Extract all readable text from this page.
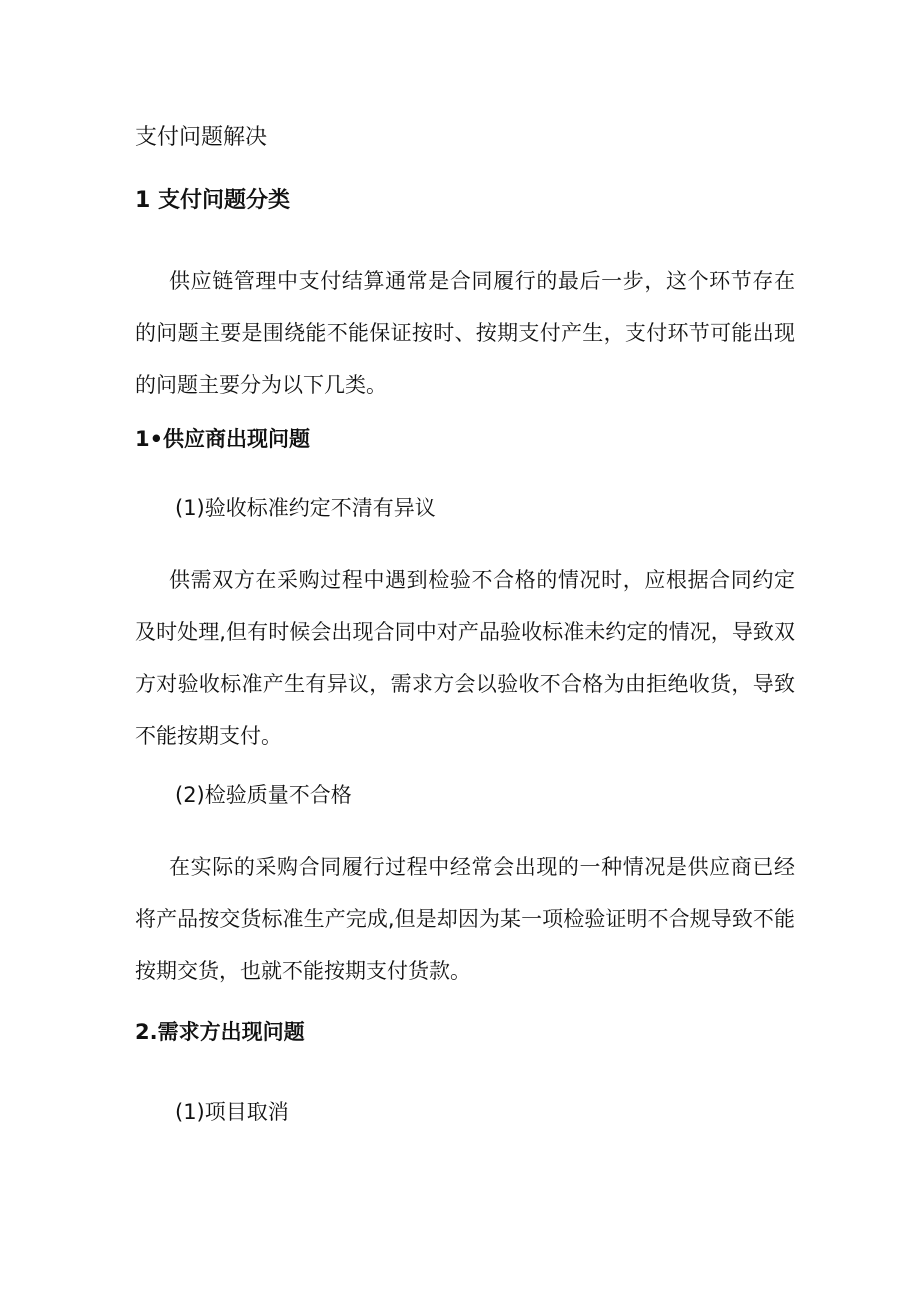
支付问题解决

1 支付问题分类

供应链管理中支付结算通常是合同履行的最后一步，这个环节存在的问题主要是围绕能不能保证按时、按期支付产生，支付环节可能出现的问题主要分为以下几类。

1•供应商出现问题

(1)验收标准约定不清有异议

供需双方在采购过程中遇到检验不合格的情况时，应根据合同约定及时处理,但有时候会出现合同中对产品验收标准未约定的情况，导致双方对验收标准产生有异议，需求方会以验收不合格为由拒绝收货，导致不能按期支付。

(2)检验质量不合格

在实际的采购合同履行过程中经常会出现的一种情况是供应商已经将产品按交货标准生产完成,但是却因为某一项检验证明不合规导致不能按期交货，也就不能按期支付货款。

2.需求方出现问题

(1)项目取消
